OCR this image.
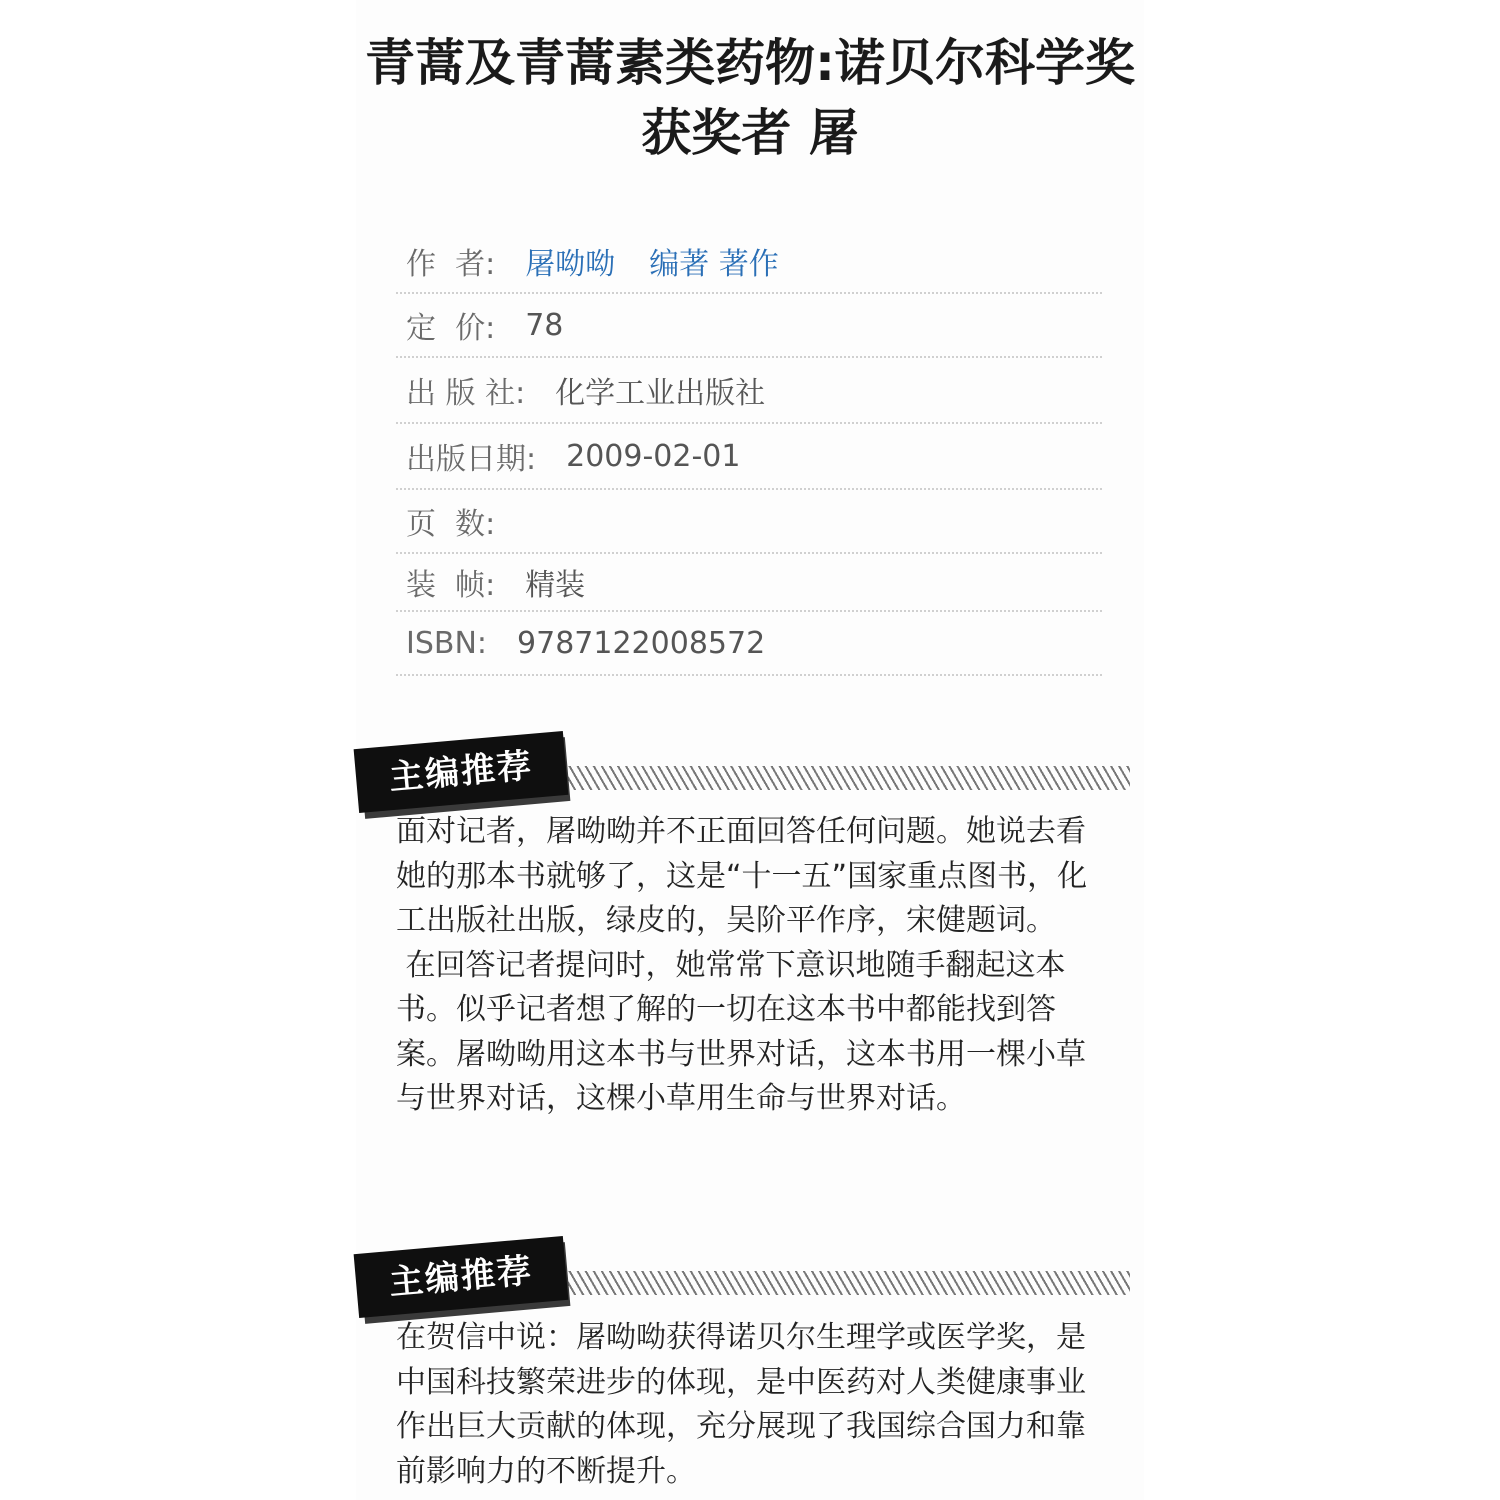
青蒿及青蒿素类药物:诺贝尔科学奖获奖者 屠
作  者: 屠呦呦 编著 著作
定  价: 78
出 版 社: 化学工业出版社
出版日期: 2009-02-01
页  数:
装  帧: 精装
ISBN: 9787122008572
主编推荐

面对记者，屠呦呦并不正面回答任何问题。她说去看她的那本书就够了，这是“十一五”国家重点图书，化工出版社出版，绿皮的，吴阶平作序，宋健题词。

在回答记者提问时，她常常下意识地随手翻起这本书。似乎记者想了解的一切在这本书中都能找到答案。屠呦呦用这本书与世界对话，这本书用一棵小草与世界对话，这棵小草用生命与世界对话。

主编推荐

在贺信中说：屠呦呦获得诺贝尔生理学或医学奖，是中国科技繁荣进步的体现，是中医药对人类健康事业作出巨大贡献的体现，充分展现了我国综合国力和靠前影响力的不断提升。
